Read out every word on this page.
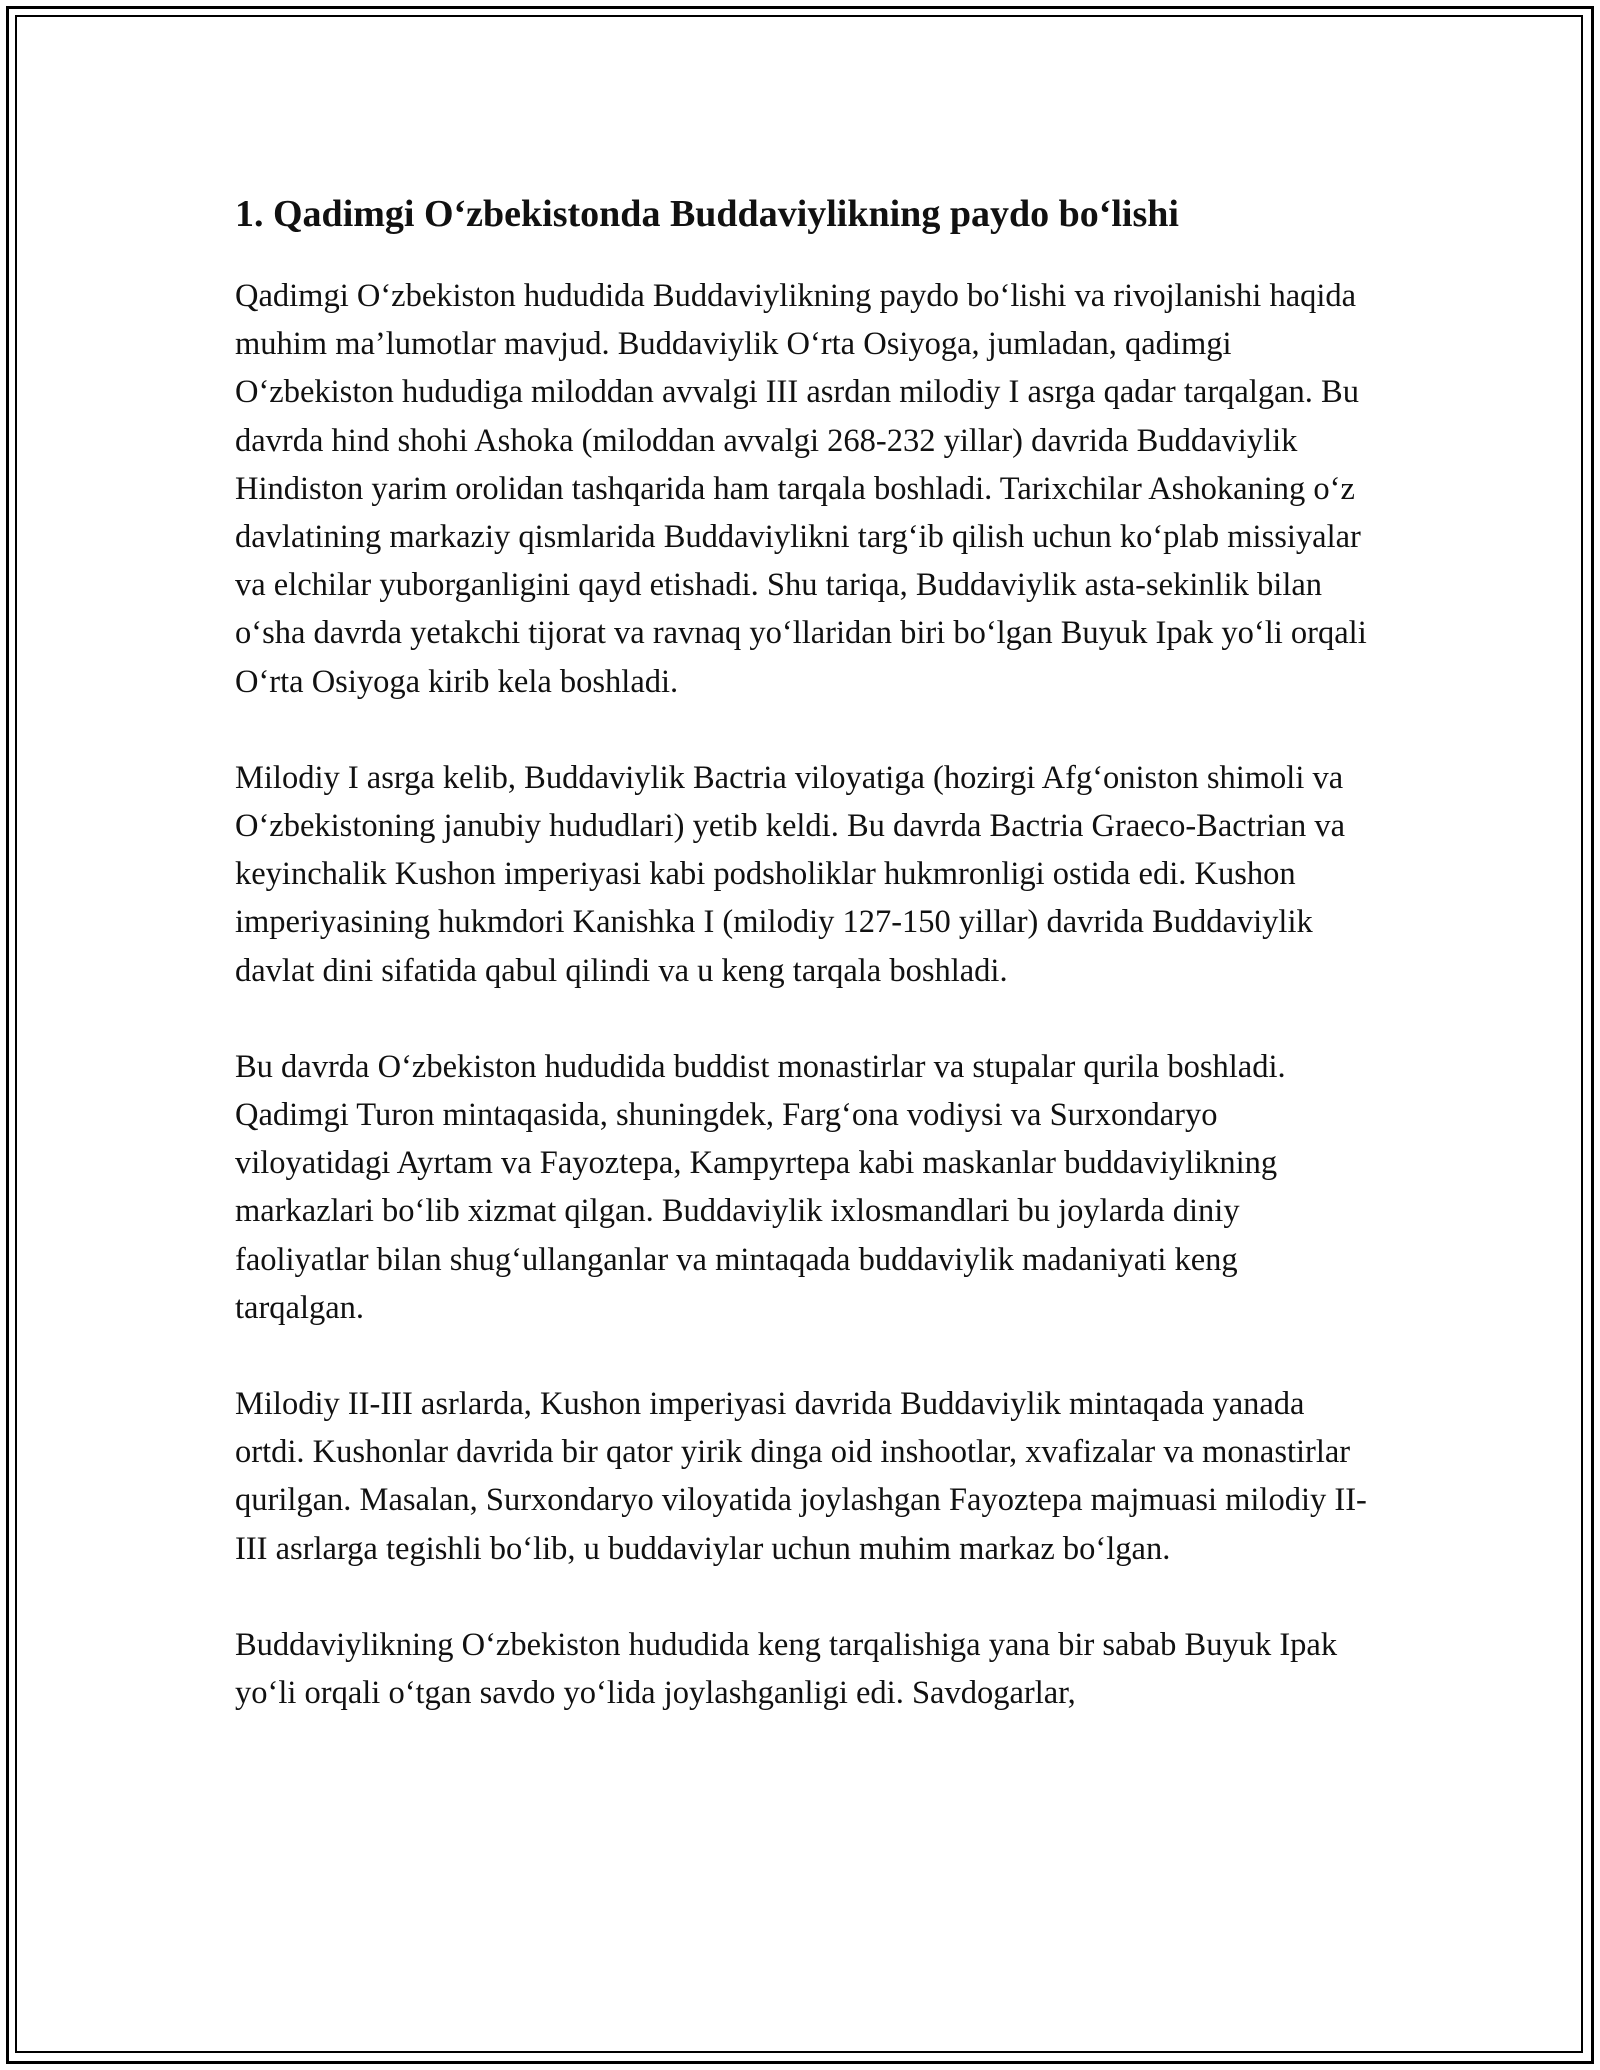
1. Qadimgi O‘zbekistonda Buddaviylikning paydo bo‘lishi

Qadimgi O‘zbekiston hududida Buddaviylikning paydo bo‘lishi va rivojlanishi haqida muhim ma’lumotlar mavjud. Buddaviylik O‘rta Osiyoga, jumladan, qadimgi O‘zbekiston hududiga miloddan avvalgi III asrdan milodiy I asrga qadar tarqalgan. Bu davrda hind shohi Ashoka (miloddan avvalgi 268-232 yillar) davrida Buddaviylik Hindiston yarim orolidan tashqarida ham tarqala boshladi. Tarixchilar Ashokaning o‘z davlatining markaziy qismlarida Buddaviylikni targ‘ib qilish uchun ko‘plab missiyalar va elchilar yuborganligini qayd etishadi. Shu tariqa, Buddaviylik asta-sekinlik bilan o‘sha davrda yetakchi tijorat va ravnaq yo‘llaridan biri bo‘lgan Buyuk Ipak yo‘li orqali O‘rta Osiyoga kirib kela boshladi.

Milodiy I asrga kelib, Buddaviylik Bactria viloyatiga (hozirgi Afg‘oniston shimoli va O‘zbekistoning janubiy hududlari) yetib keldi. Bu davrda Bactria Graeco-Bactrian va keyinchalik Kushon imperiyasi kabi podsholiklar hukmronligi ostida edi. Kushon imperiyasining hukmdori Kanishka I (milodiy 127-150 yillar) davrida Buddaviylik davlat dini sifatida qabul qilindi va u keng tarqala boshladi.

Bu davrda O‘zbekiston hududida buddist monastirlar va stupalar qurila boshladi. Qadimgi Turon mintaqasida, shuningdek, Farg‘ona vodiysi va Surxondaryo viloyatidagi Ayrtam va Fayoztepa, Kampyrtepa kabi maskanlar buddaviylikning markazlari bo‘lib xizmat qilgan. Buddaviylik ixlosmandlari bu joylarda diniy faoliyatlar bilan shug‘ullanganlar va mintaqada buddaviylik madaniyati keng tarqalgan.

Milodiy II-III asrlarda, Kushon imperiyasi davrida Buddaviylik mintaqada yanada ortdi. Kushonlar davrida bir qator yirik dinga oid inshootlar, xvafizalar va monastirlar qurilgan. Masalan, Surxondaryo viloyatida joylashgan Fayoztepa majmuasi milodiy II-III asrlarga tegishli bo‘lib, u buddaviylar uchun muhim markaz bo‘lgan.

Buddaviylikning O‘zbekiston hududida keng tarqalishiga yana bir sabab Buyuk Ipak yo‘li orqali o‘tgan savdo yo‘lida joylashganligi edi. Savdogarlar,
